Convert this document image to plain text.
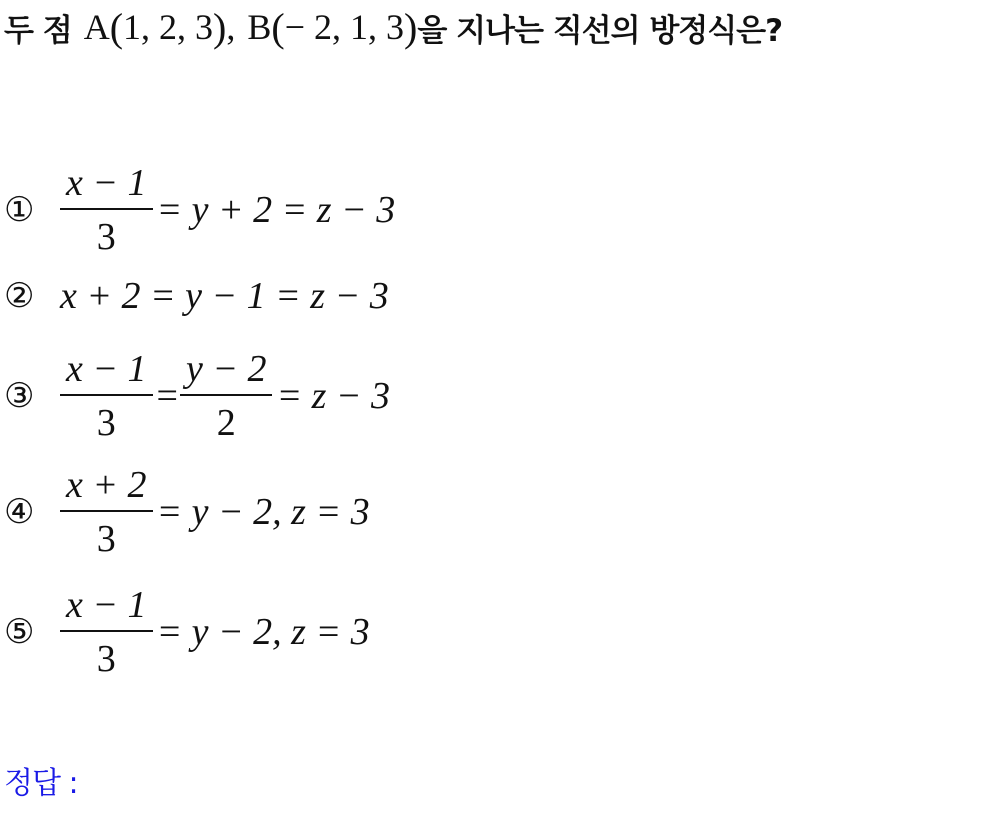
두 점 A ( 1, 2, 3 ) , B ( − 2, 1, 3 ) 을 지나는 직선의 방정식은?
① $\frac{x - 1}{3} = y + 2 = z - 3$
② x + 2 = y − 1 = z − 3
③ $\frac{x - 1}{3} = \frac{y - 2}{2} = z - 3$
④ $\frac{x + 2}{3} = y - 2$, z = 3
⑤ $\frac{x - 1}{3} = y - 2$, z = 3
정답 :
